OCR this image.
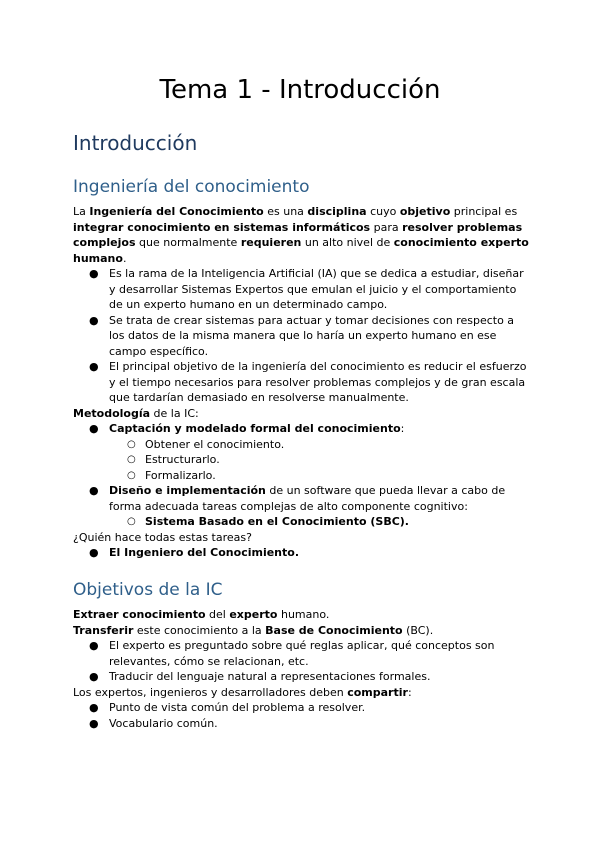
Tema 1 - Introducción
Introducción
Ingeniería del conocimiento

La Ingeniería del Conocimiento es una disciplina cuyo objetivo principal es integrar conocimiento en sistemas informáticos para resolver problemas complejos que normalmente requieren un alto nivel de conocimiento experto humano.

● Es la rama de la Inteligencia Artificial (IA) que se dedica a estudiar, diseñar y desarrollar Sistemas Expertos que emulan el juicio y el comportamiento de un experto humano en un determinado campo.
● Se trata de crear sistemas para actuar y tomar decisiones con respecto a los datos de la misma manera que lo haría un experto humano en ese campo específico.
● El principal objetivo de la ingeniería del conocimiento es reducir el esfuerzo y el tiempo necesarios para resolver problemas complejos y de gran escala que tardarían demasiado en resolverse manualmente.

Metodología de la IC:

● Captación y modelado formal del conocimiento:
○ Obtener el conocimiento.
○ Estructurarlo.
○ Formalizarlo.
● Diseño e implementación de un software que pueda llevar a cabo de forma adecuada tareas complejas de alto componente cognitivo:
○ Sistema Basado en el Conocimiento (SBC).

¿Quién hace todas estas tareas?

● El Ingeniero del Conocimiento.
Objetivos de la IC

Extraer conocimiento del experto humano.

Transferir este conocimiento a la Base de Conocimiento (BC).

● El experto es preguntado sobre qué reglas aplicar, qué conceptos son relevantes, cómo se relacionan, etc.
● Traducir del lenguaje natural a representaciones formales.

Los expertos, ingenieros y desarrolladores deben compartir:

● Punto de vista común del problema a resolver.
● Vocabulario común.
